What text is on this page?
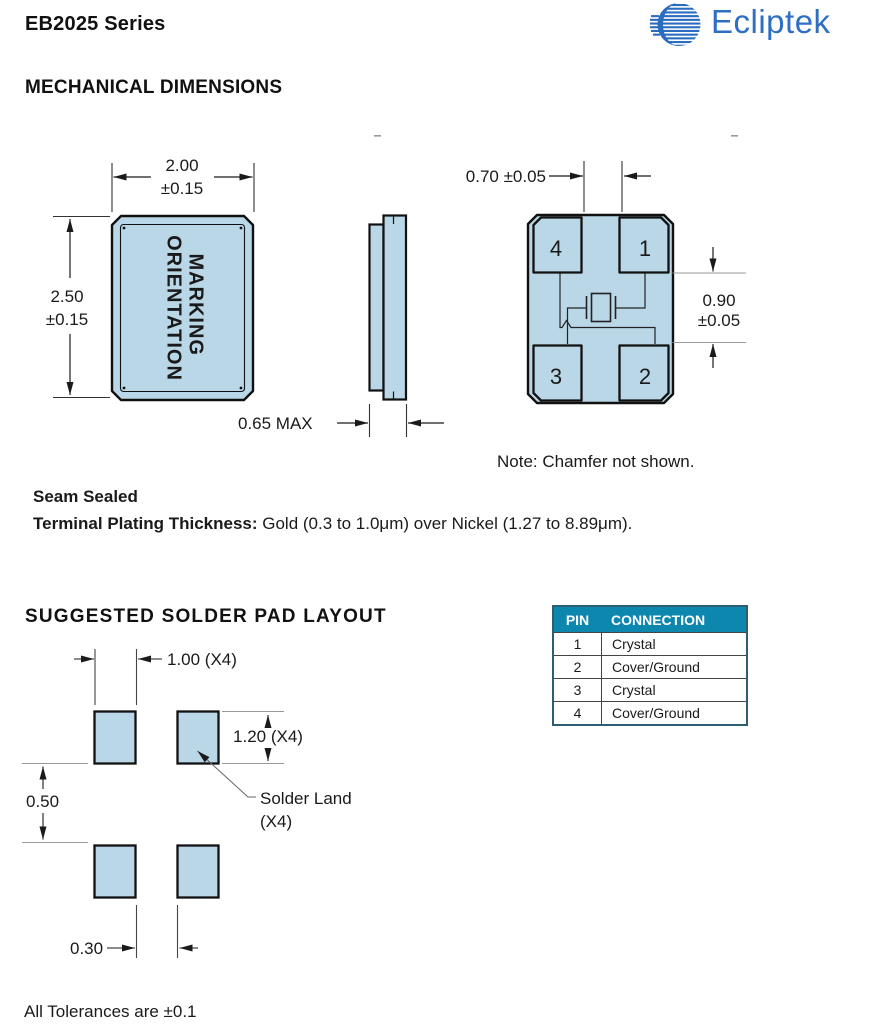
2.00
±0.15
2.50
±0.15	MARKING ORIENTATION
0.65 MAX
0.70 ±0.05
4	1
3	2
0.90
±0.05
1.00 (X4)
1.20 (X4)
Solder Land
(X4)
0.50
0.30
EB2025 Series	Ecliptek
MECHANICAL DIMENSIONS
Note: Chamfer not shown.
Seam Sealed
Terminal Plating Thickness: Gold (0.3 to 1.0μm) over Nickel (1.27 to 8.89μm).
SUGGESTED SOLDER PAD LAYOUT	PIN	CONNECTION
1	Crystal
2	Cover/Ground
3	Crystal
4	Cover/Ground
All Tolerances are ±0.1
